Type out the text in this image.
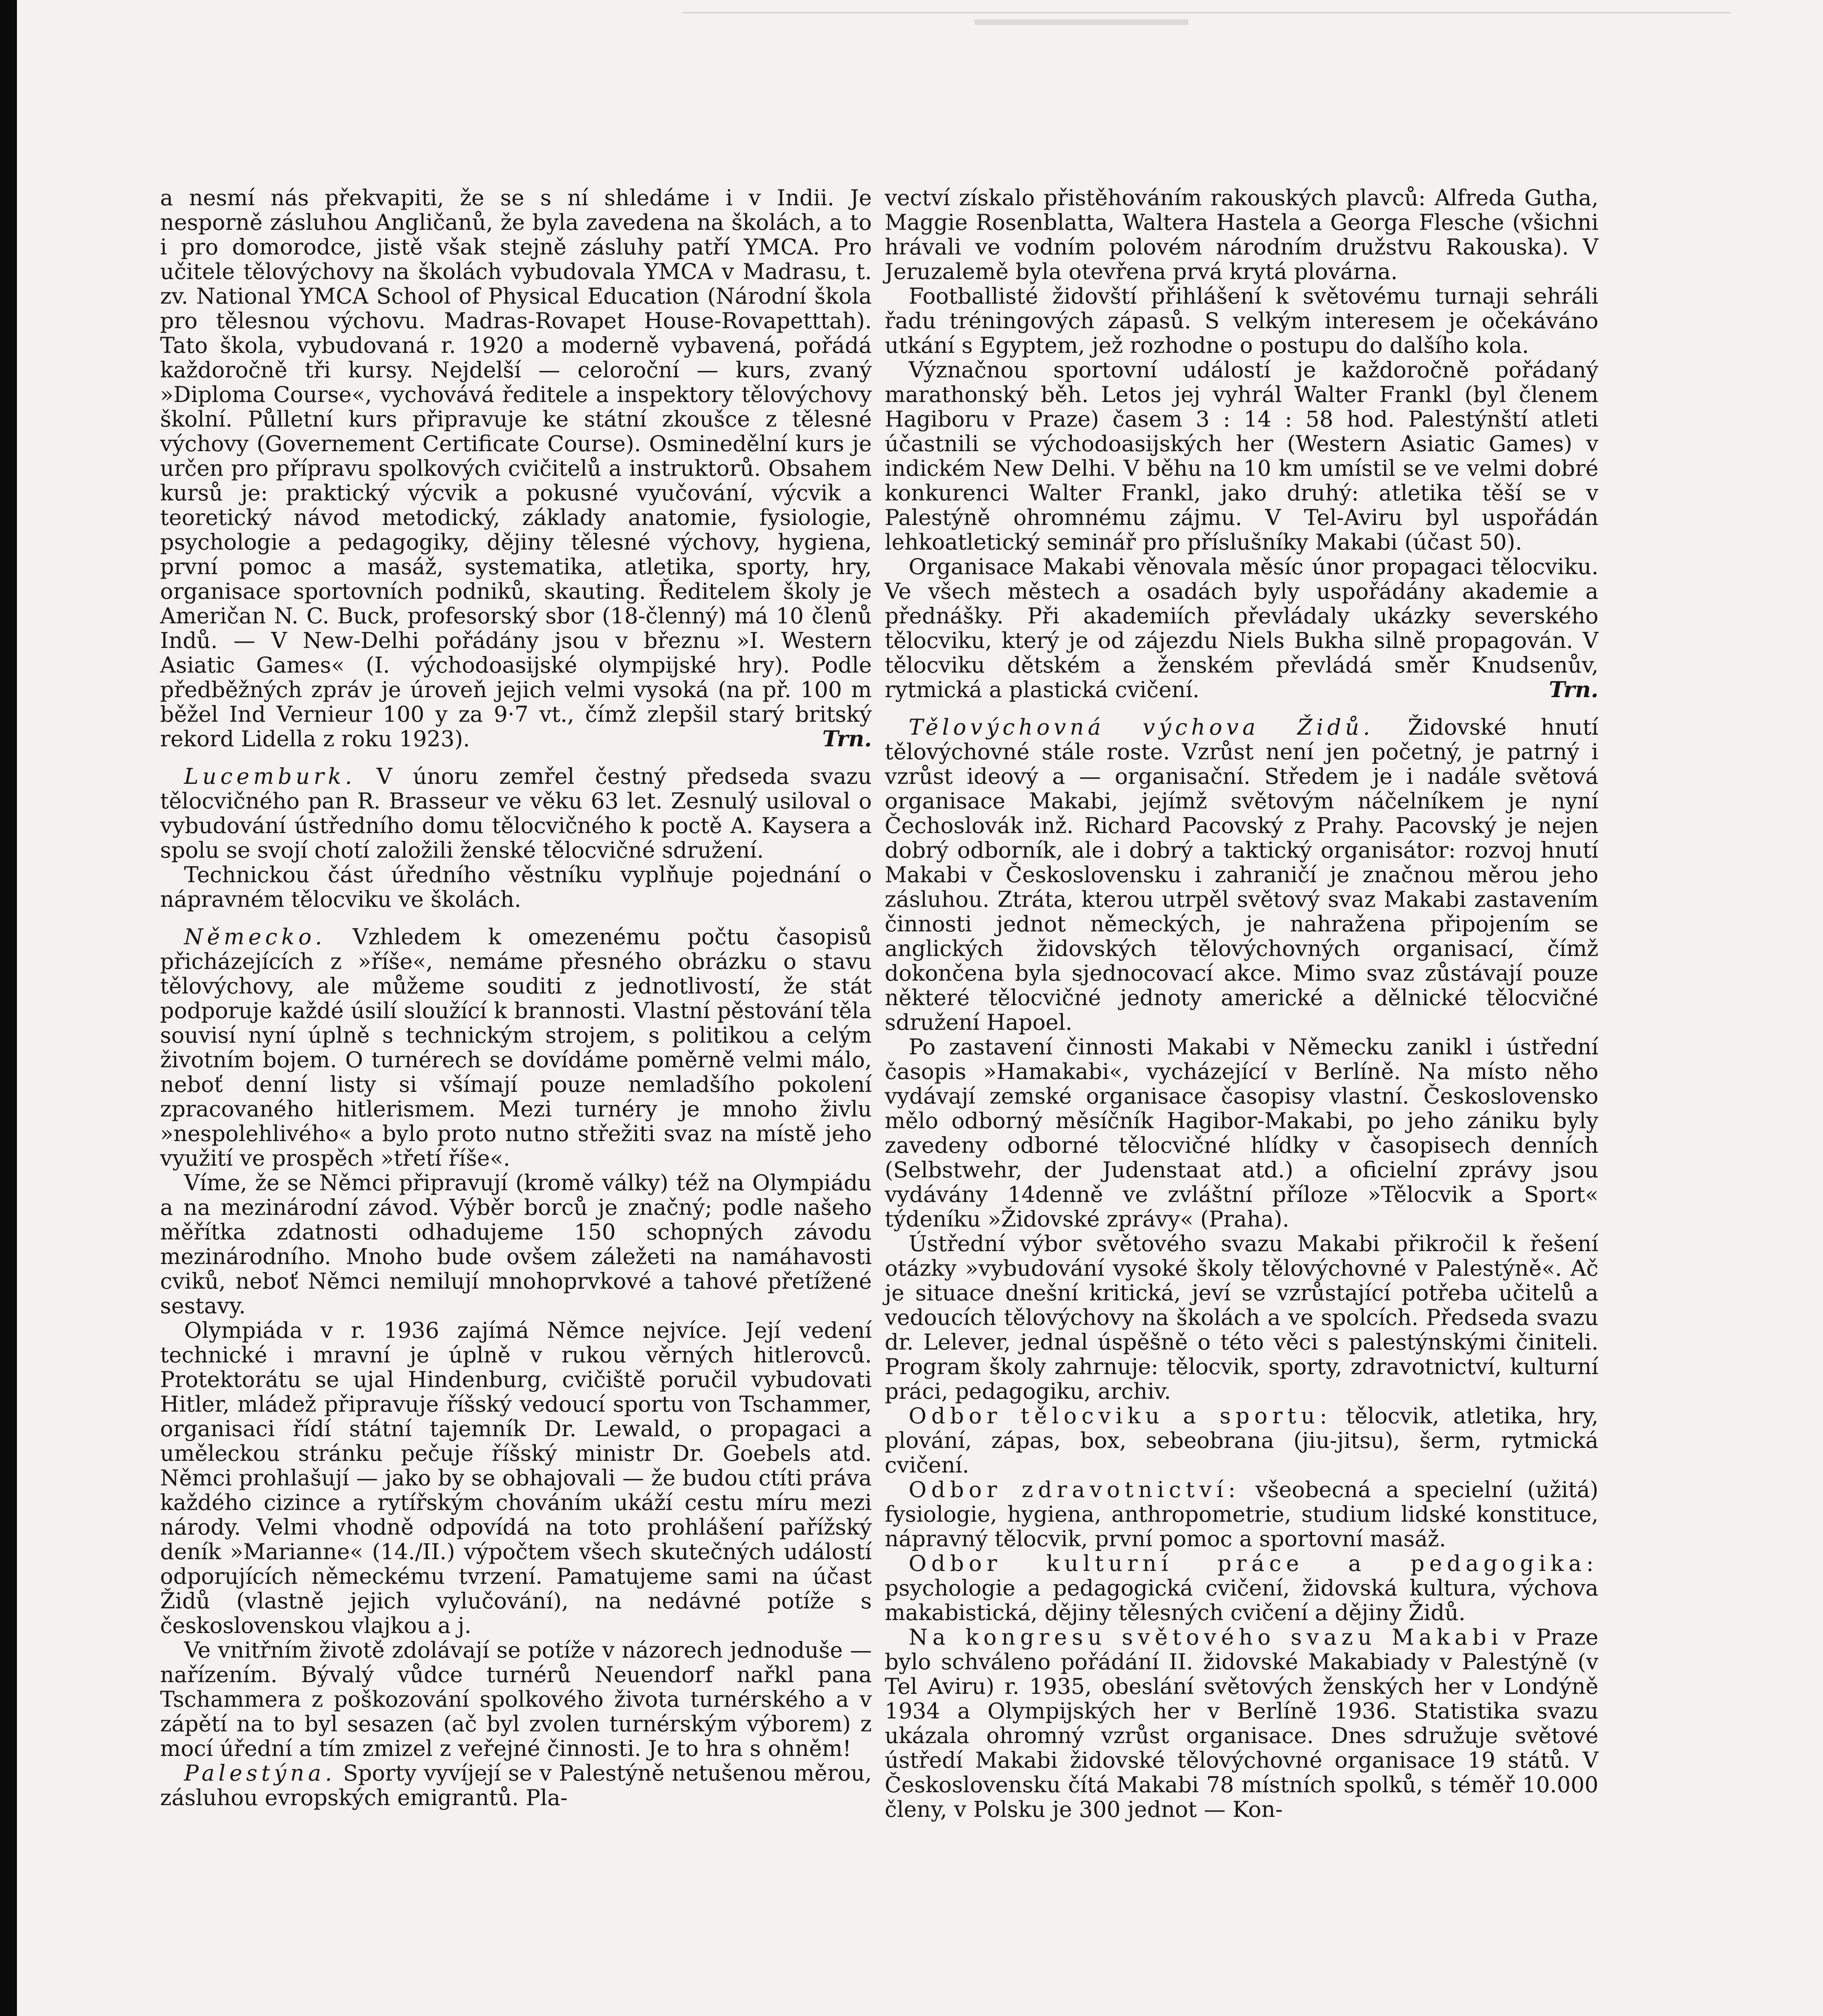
a nesmí nás překvapiti, že se s ní shledáme i v Indii. Je nesporně zásluhou Angličanů, že byla zavedena na školách, a to i pro domorodce, jistě však stejně zásluhy patří YMCA. Pro učitele tělovýchovy na školách vybudovala YMCA v Madrasu, t. zv. National YMCA School of Physical Education (Národní škola pro tělesnou výchovu. Madras-Rovapet House-Rovapetttah). Tato škola, vybudovaná r. 1920 a moderně vybavená, pořádá každoročně tři kursy. Nejdelší — celoroční — kurs, zvaný »Diploma Course«, vychovává ředitele a inspektory tělovýchovy školní. Půlletní kurs připravuje ke státní zkoušce z tělesné výchovy (Governement Certificate Course). Osminedělní kurs je určen pro přípravu spolkových cvičitelů a instruktorů. Obsahem kursů je: praktický výcvik a pokusné vyučování, výcvik a teoretický návod metodický, základy anatomie, fysiologie, psychologie a pedagogiky, dějiny tělesné výchovy, hygiena, první pomoc a masáž, systematika, atletika, sporty, hry, organisace sportovních podniků, skauting. Ředitelem školy je Američan N. C. Buck, profesorský sbor (18-členný) má 10 členů Indů. — V New-Delhi pořádány jsou v březnu »I. Western Asiatic Games« (I. východoasijské olympijské hry). Podle předběžných zpráv je úroveň jejich velmi vysoká (na př. 100 m běžel Ind Vernieur 100 y za 9·7 vt., čímž zlepšil starý britský rekord Lidella z roku 1923).	Trn.

Lucemburk. V únoru zemřel čestný předseda svazu tělocvičného pan R. Brasseur ve věku 63 let. Zesnulý usiloval o vybudování ústředního domu tělocvičného k poctě A. Kaysera a spolu se svojí chotí založili ženské tělocvičné sdružení.

Technickou část úředního věstníku vyplňuje pojednání o nápravném tělocviku ve školách.

Německo. Vzhledem k omezenému počtu časopisů přicházejících z »říše«, nemáme přesného obrázku o stavu tělovýchovy, ale můžeme souditi z jednotlivostí, že stát podporuje každé úsilí sloužící k brannosti. Vlastní pěstování těla souvisí nyní úplně s technickým strojem, s politikou a celým životním bojem. O turnérech se dovídáme poměrně velmi málo, neboť denní listy si všímají pouze nemladšího pokolení zpracovaného hitlerismem. Mezi turnéry je mnoho živlu »nespolehlivého« a bylo proto nutno střežiti svaz na místě jeho využití ve prospěch »třetí říše«.

Víme, že se Němci připravují (kromě války) též na Olympiádu a na mezinárodní závod. Výběr borců je značný; podle našeho měřítka zdatnosti odhadujeme 150 schopných závodu mezinárodního. Mnoho bude ovšem záležeti na namáhavosti cviků, neboť Němci nemilují mnohoprvkové a tahové přetížené sestavy.

Olympiáda v r. 1936 zajímá Němce nejvíce. Její vedení technické i mravní je úplně v rukou věrných hitlerovců. Protektorátu se ujal Hindenburg, cvičiště poručil vybudovati Hitler, mládež připravuje říšský vedoucí sportu von Tschammer, organisaci řídí státní tajemník Dr. Lewald, o propagaci a uměleckou stránku pečuje říšský ministr Dr. Goebels atd. Němci prohlašují — jako by se obhajovali — že budou ctíti práva každého cizince a rytířským chováním ukáží cestu míru mezi národy. Velmi vhodně odpovídá na toto prohlášení pařížský deník »Marianne« (14./II.) výpočtem všech skutečných událostí odporujících německému tvrzení. Pamatujeme sami na účast Židů (vlastně jejich vylučování), na nedávné potíže s československou vlajkou a j.

Ve vnitřním životě zdolávají se potíže v názorech jednoduše — nařízením. Bývalý vůdce turnérů Neuendorf nařkl pana Tschammera z poškozování spolkového života turnérského a v zápětí na to byl sesazen (ač byl zvolen turnérským výborem) z mocí úřední a tím zmizel z veřejné činnosti. Je to hra s ohněm!

Palestýna. Sporty vyvíjejí se v Palestýně netušenou měrou, zásluhou evropských emigrantů. Pla-

vectví získalo přistěhováním rakouských plavců: Alfreda Gutha, Maggie Rosenblatta, Waltera Hastela a Georga Flesche (všichni hrávali ve vodním polovém národním družstvu Rakouska). V Jeruzalemě byla otevřena prvá krytá plovárna.

Footballisté židovští přihlášení k světovému turnaji sehráli řadu tréningových zápasů. S velkým interesem je očekáváno utkání s Egyptem, jež rozhodne o postupu do dalšího kola.

Význačnou sportovní událostí je každoročně pořádaný marathonský běh. Letos jej vyhrál Walter Frankl (byl členem Hagiboru v Praze) časem 3 : 14 : 58 hod. Palestýnští atleti účastnili se východoasijských her (Western Asiatic Games) v indickém New Delhi. V běhu na 10 km umístil se ve velmi dobré konkurenci Walter Frankl, jako druhý: atletika těší se v Palestýně ohromnému zájmu. V Tel-Aviru byl uspořádán lehkoatletický seminář pro příslušníky Makabi (účast 50).

Organisace Makabi věnovala měsíc únor propagaci tělocviku. Ve všech městech a osadách byly uspořádány akademie a přednášky. Při akademiích převládaly ukázky severského tělocviku, který je od zájezdu Niels Bukha silně propagován. V tělocviku dětském a ženském převládá směr Knudsenův, rytmická a plastická cvičení.	Trn.

Tělovýchovná výchova Židů. Židovské hnutí tělovýchovné stále roste. Vzrůst není jen početný, je patrný i vzrůst ideový a — organisační. Středem je i nadále světová organisace Makabi, jejímž světovým náčelníkem je nyní Čechoslovák inž. Richard Pacovský z Prahy. Pacovský je nejen dobrý odborník, ale i dobrý a taktický organisátor: rozvoj hnutí Makabi v Československu i zahraničí je značnou měrou jeho zásluhou. Ztráta, kterou utrpěl světový svaz Makabi zastavením činnosti jednot německých, je nahražena připojením se anglických židovských tělovýchovných organisací, čímž dokončena byla sjednocovací akce. Mimo svaz zůstávají pouze některé tělocvičné jednoty americké a dělnické tělocvičné sdružení Hapoel.

Po zastavení činnosti Makabi v Německu zanikl i ústřední časopis »Hamakabi«, vycházející v Berlíně. Na místo něho vydávají zemské organisace časopisy vlastní. Československo mělo odborný měsíčník Hagibor-Makabi, po jeho zániku byly zavedeny odborné tělocvičné hlídky v časopisech denních (Selbstwehr, der Judenstaat atd.) a oficielní zprávy jsou vydávány 14denně ve zvláštní příloze »Tělocvik a Sport« týdeníku »Židovské zprávy« (Praha).

Ústřední výbor světového svazu Makabi přikročil k řešení otázky »vybudování vysoké školy tělovýchovné v Palestýně«. Ač je situace dnešní kritická, jeví se vzrůstající potřeba učitelů a vedoucích tělovýchovy na školách a ve spolcích. Předseda svazu dr. Lelever, jednal úspěšně o této věci s palestýnskými činiteli. Program školy zahrnuje: tělocvik, sporty, zdravotnictví, kulturní práci, pedagogiku, archiv.

Odbor tělocviku a sportu: tělocvik, atletika, hry, plování, zápas, box, sebeobrana (jiu-jitsu), šerm, rytmická cvičení.

Odbor zdravotnictví: všeobecná a specielní (užitá) fysiologie, hygiena, anthropometrie, studium lidské konstituce, nápravný tělocvik, první pomoc a sportovní masáž.

Odbor kulturní práce a pedagogika: psychologie a pedagogická cvičení, židovská kultura, výchova makabistická, dějiny tělesných cvičení a dějiny Židů.

Na kongresu světového svazu Makabi v Praze bylo schváleno pořádání II. židovské Makabiady v Palestýně (v Tel Aviru) r. 1935, obeslání světových ženských her v Londýně 1934 a Olympijských her v Berlíně 1936. Statistika svazu ukázala ohromný vzrůst organisace. Dnes sdružuje světové ústředí Makabi židovské tělovýchovné organisace 19 států. V Československu čítá Makabi 78 místních spolků, s téměř 10.000 členy, v Polsku je 300 jednot — Kon-
